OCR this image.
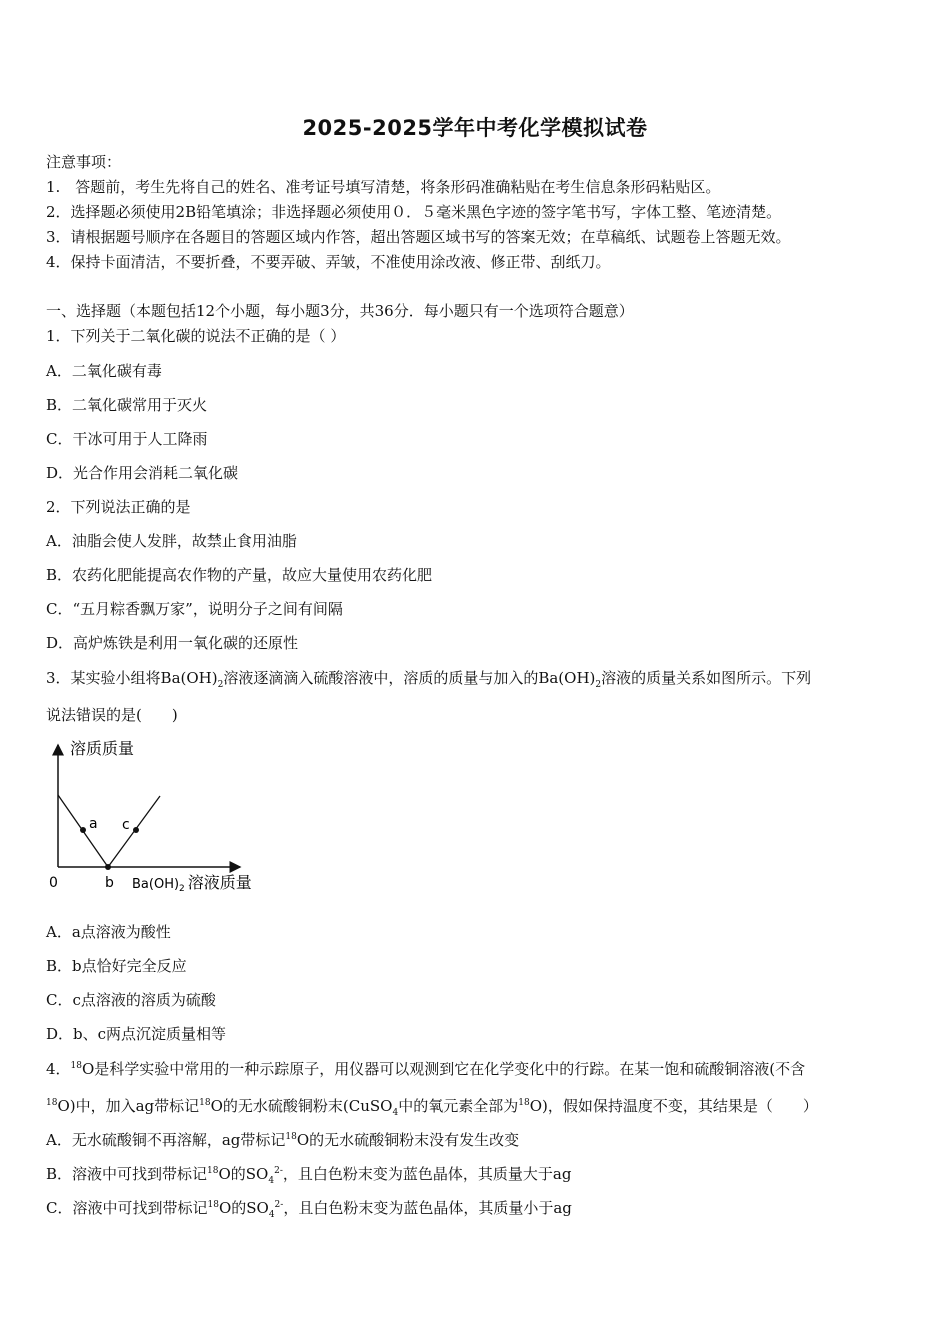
2025-2025学年中考化学模拟试卷
注意事项：
1.　答题前，考生先将自己的姓名、准考证号填写清楚，将条形码准确粘贴在考生信息条形码粘贴区。
2．选择题必须使用2B铅笔填涂；非选择题必须使用０．５毫米黑色字迹的签字笔书写，字体工整、笔迹清楚。
3．请根据题号顺序在各题目的答题区域内作答，超出答题区域书写的答案无效；在草稿纸、试题卷上答题无效。
4．保持卡面清洁，不要折叠，不要弄破、弄皱，不准使用涂改液、修正带、刮纸刀。
一、选择题（本题包括12个小题，每小题3分，共36分．每小题只有一个选项符合题意）
1．下列关于二氧化碳的说法不正确的是（ ）
A．二氧化碳有毒
B．二氧化碳常用于灭火
C．干冰可用于人工降雨
D．光合作用会消耗二氧化碳
2．下列说法正确的是
A．油脂会使人发胖，故禁止食用油脂
B．农药化肥能提高农作物的产量，故应大量使用农药化肥
C．“五月粽香飘万家”，说明分子之间有间隔
D．高炉炼铁是利用一氧化碳的还原性
3．某实验小组将$Ba(OH)_2$溶液逐滴滴入硫酸溶液中，溶质的质量与加入的$Ba(OH)_2$溶液的质量关系如图所示。下列
说法错误的是(　　)
溶质质量
a c
0	b $Ba(OH)_2$ 溶液质量
A．a点溶液为酸性
B．b点恰好完全反应
C．c点溶液的溶质为硫酸
D．b、c两点沉淀质量相等
4．$^{18}$O是科学实验中常用的一种示踪原子，用仪器可以观测到它在化学变化中的行踪。在某一饱和硫酸铜溶液(不含
$^{18}$O)中，加入ag带标记$^{18}$O的无水硫酸铜粉末(CuSO$_4$中的氧元素全部为$^{18}$O)，假如保持温度不变，其结果是（　　）
A．无水硫酸铜不再溶解，ag带标记$^{18}$O的无水硫酸铜粉末没有发生改变
B．溶液中可找到带标记$^{18}$O的$SO_4^{2-}$，且白色粉末变为蓝色晶体，其质量大于ag
C．溶液中可找到带标记$^{18}$O的$SO_4^{2-}$，且白色粉末变为蓝色晶体，其质量小于ag
